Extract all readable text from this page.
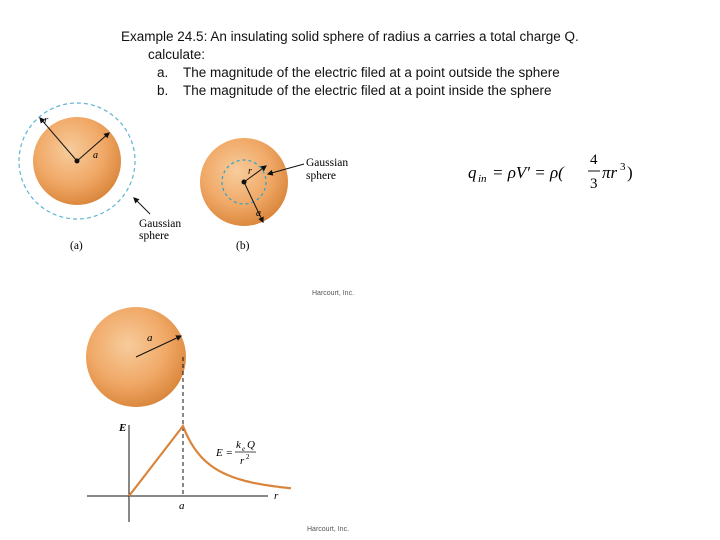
Example 24.5: An insulating solid sphere of radius a carries a total charge Q.
calculate:
a. The magnitude of the electric filed at a point outside the sphere
b. The magnitude of the electric filed at a point inside the sphere
r
a
Gaussian
sphere
(a)
r
a
Gaussian
sphere
(b)
Harcourt, Inc.
q in = ρV′ = ρ(
4
3
πr 3 )
a
E
r
a
E =
k e Q
r 2
Harcourt, Inc.
